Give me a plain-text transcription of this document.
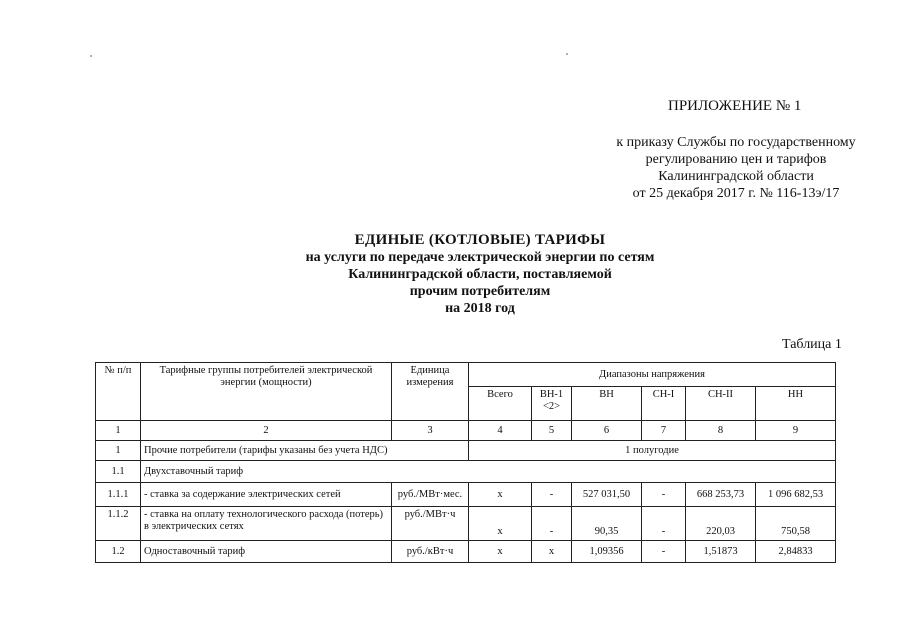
ПРИЛОЖЕНИЕ № 1
к приказу Службы по государственному
регулированию цен и тарифов
Калининградской области
от 25 декабря 2017 г. № 116-13э/17
ЕДИНЫЕ (КОТЛОВЫЕ) ТАРИФЫ
на услуги по передаче электрической энергии по сетям
Калининградской области, поставляемой
прочим потребителям
на 2018 год
Таблица 1
№ п/п	Тарифные группы потребителей электрической энергии (мощности)	Единица измерения	Диапазоны напряжения					
			Всего	ВН-1 <2>	ВН	СН-I	СН-II	НН
1	2	3	4	5	6	7	8	9
1	Прочие потребители (тарифы указаны без учета НДС)		1 полугодие					
1.1	Двухставочный тариф							
1.1.1	- ставка за содержание электрических сетей	руб./МВт·мес.	x	-	527 031,50	-	668 253,73	1 096 682,53
1.1.2	- ставка на оплату технологического расхода (потерь) в электрических сетях	руб./МВт·ч	x	-	90,35	-	220,03	750,58
1.2	Одноставочный тариф	руб./кВт·ч	x	x	1,09356	-	1,51873	2,84833
